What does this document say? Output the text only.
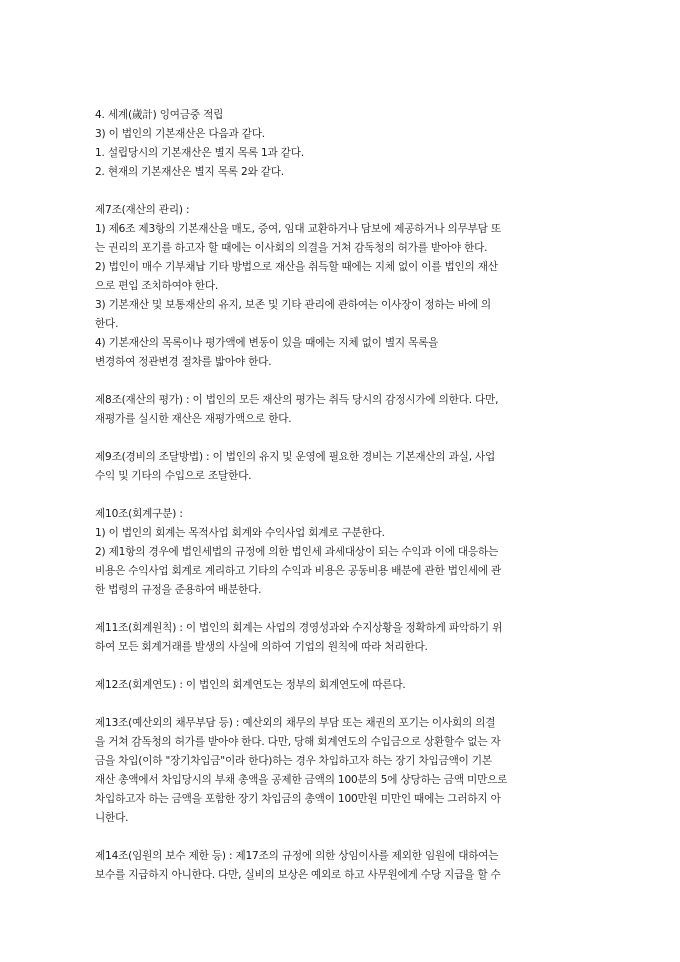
4. 세계(歲計) 잉여금중 적립
3) 이 법인의 기본재산은 다음과 같다.
1. 설립당시의 기본재산은 별지 목록 1과 같다.
2. 현재의 기본재산은 별지 목록 2와 같다.
제7조(재산의 관리) :
1) 제6조 제3항의 기본재산을 매도, 증여, 임대 교환하거나 담보에 제공하거나 의무부담 또
는 권리의 포기를 하고자 할 때에는 이사회의 의결을 거쳐 감독청의 허가를 받아야 한다.
2) 법인이 매수 기부채납 기타 방법으로 재산을 취득할 때에는 지체 없이 이를 법인의 재산
으로 편입 조치하여야 한다.
3) 기본재산 및 보통재산의 유지, 보존 및 기타 관리에 관하여는 이사장이 정하는 바에 의
한다.
4) 기본재산의 목록이나 평가액에 변동이 있을 때에는 지체 없이 별지 목록을
변경하여 정관변경 절차를 밟아야 한다.
제8조(재산의 평가) : 이 법인의 모든 재산의 평가는 취득 당시의 감정시가에 의한다. 다만,
재평가를 실시한 재산은 재평가액으로 한다.
제9조(경비의 조달방법) : 이 법인의 유지 및 운영에 필요한 경비는 기본재산의 과실, 사업
수익 및 기타의 수입으로 조달한다.
제10조(회계구분) :
1) 이 법인의 회계는 목적사업 회계와 수익사업 회계로 구분한다.
2) 제1항의 경우에 법인세법의 규정에 의한 법인세 과세대상이 되는 수익과 이에 대응하는
비용은 수익사업 회계로 계리하고 기타의 수익과 비용은 공동비용 배분에 관한 법인세에 관
한 법령의 규정을 준용하여 배분한다.
제11조(회계원칙) : 이 법인의 회계는 사업의 경영성과와 수지상황을 정확하게 파악하기 위
하여 모든 회계거래를 발생의 사실에 의하여 기업의 원칙에 따라 처리한다.
제12조(회계연도) : 이 법인의 회계연도는 정부의 회계연도에 따른다.
제13조(예산외의 채무부담 등) : 예산외의 채무의 부담 또는 채권의 포기는 이사회의 의결
을 거쳐 감독청의 허가를 받아야 한다. 다만, 당해 회계연도의 수입금으로 상환할수 없는 자
금을 차입(이하 "장기차입금"이라 한다)하는 경우 차입하고자 하는 장기 차입금액이 기본
재산 총액에서 차입당시의 부채 총액을 공제한 금액의 100분의 5에 상당하는 금액 미만으로
차입하고자 하는 금액을 포함한 장기 차입금의 총액이 100만원 미만인 때에는 그러하지 아
니한다.
제14조(임원의 보수 제한 등) : 제17조의 규정에 의한 상임이사를 제외한 임원에 대하여는
보수를 지급하지 아니한다. 다만, 실비의 보상은 예외로 하고 사무원에게 수당 지급을 할 수
